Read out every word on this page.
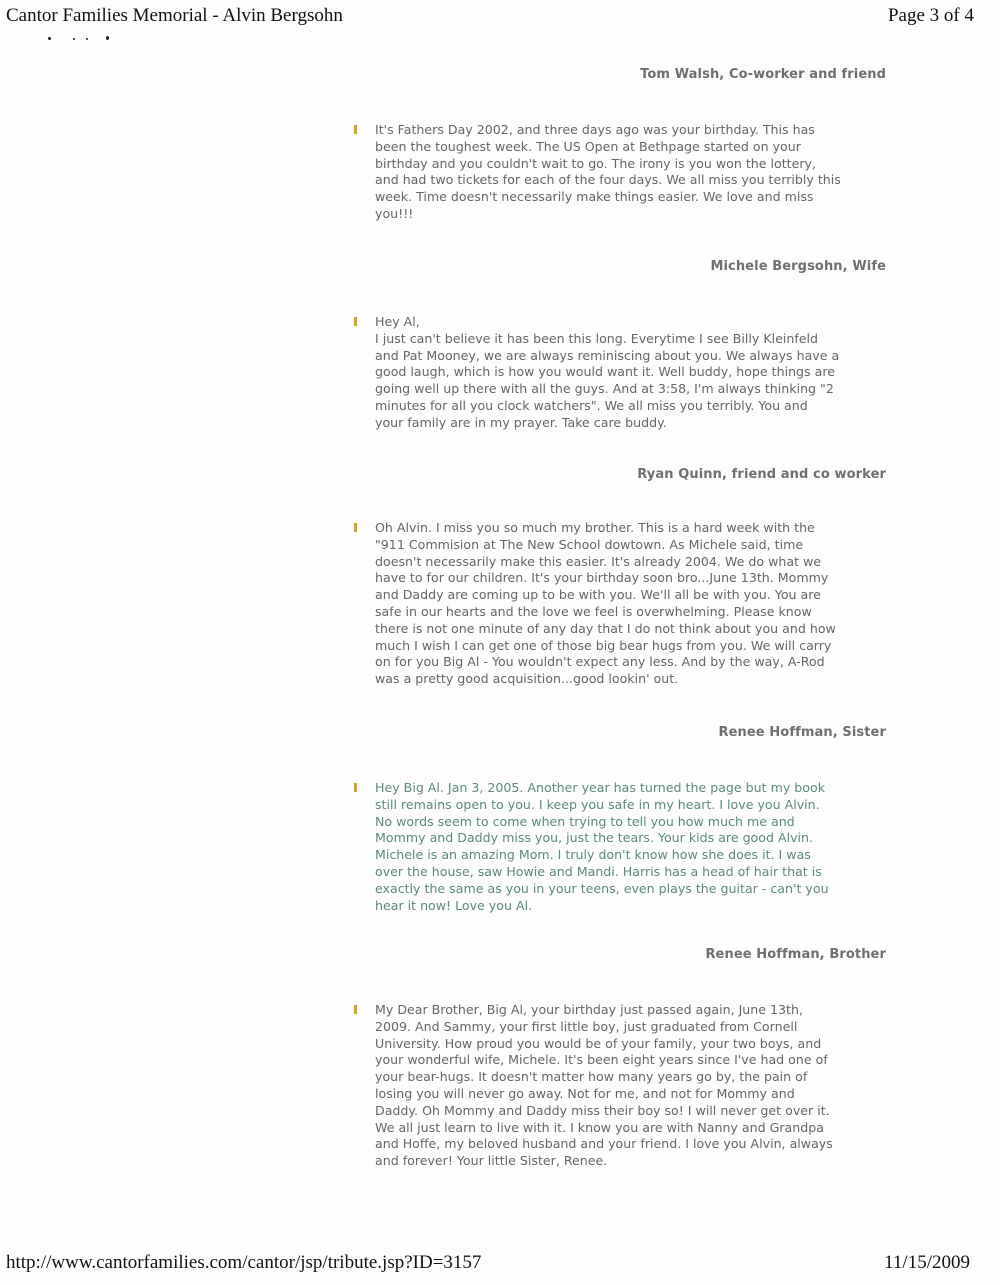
Cantor Families Memorial - Alvin Bergsohn	Page 3 of 4
Tom Walsh, Co-worker and friend

It's Fathers Day 2002, and three days ago was your birthday. This has
been the toughest week. The US Open at Bethpage started on your
birthday and you couldn't wait to go. The irony is you won the lottery,
and had two tickets for each of the four days. We all miss you terribly this
week. Time doesn't necessarily make things easier. We love and miss
you!!!

Michele Bergsohn, Wife

Hey Al,
I just can't believe it has been this long. Everytime I see Billy Kleinfeld
and Pat Mooney, we are always reminiscing about you. We always have a
good laugh, which is how you would want it. Well buddy, hope things are
going well up there with all the guys. And at 3:58, I'm always thinking "2
minutes for all you clock watchers". We all miss you terribly. You and
your family are in my prayer. Take care buddy.

Ryan Quinn, friend and co worker

Oh Alvin. I miss you so much my brother. This is a hard week with the
"911 Commision at The New School dowtown. As Michele said, time
doesn't necessarily make this easier. It's already 2004. We do what we
have to for our children. It's your birthday soon bro...June 13th. Mommy
and Daddy are coming up to be with you. We'll all be with you. You are
safe in our hearts and the love we feel is overwhelming. Please know
there is not one minute of any day that I do not think about you and how
much I wish I can get one of those big bear hugs from you. We will carry
on for you Big Al - You wouldn't expect any less. And by the way, A-Rod
was a pretty good acquisition...good lookin' out.

Renee Hoffman, Sister

Hey Big Al. Jan 3, 2005. Another year has turned the page but my book
still remains open to you. I keep you safe in my heart. I love you Alvin.
No words seem to come when trying to tell you how much me and
Mommy and Daddy miss you, just the tears. Your kids are good Alvin.
Michele is an amazing Mom. I truly don't know how she does it. I was
over the house, saw Howie and Mandi. Harris has a head of hair that is
exactly the same as you in your teens, even plays the guitar - can't you
hear it now! Love you Al.

Renee Hoffman, Brother

My Dear Brother, Big Al, your birthday just passed again, June 13th,
2009. And Sammy, your first little boy, just graduated from Cornell
University. How proud you would be of your family, your two boys, and
your wonderful wife, Michele. It's been eight years since I've had one of
your bear-hugs. It doesn't matter how many years go by, the pain of
losing you will never go away. Not for me, and not for Mommy and
Daddy. Oh Mommy and Daddy miss their boy so! I will never get over it.
We all just learn to live with it. I know you are with Nanny and Grandpa
and Hoffe, my beloved husband and your friend. I love you Alvin, always
and forever! Your little Sister, Renee.

http://www.cantorfamilies.com/cantor/jsp/tribute.jsp?ID=3157	11/15/2009
